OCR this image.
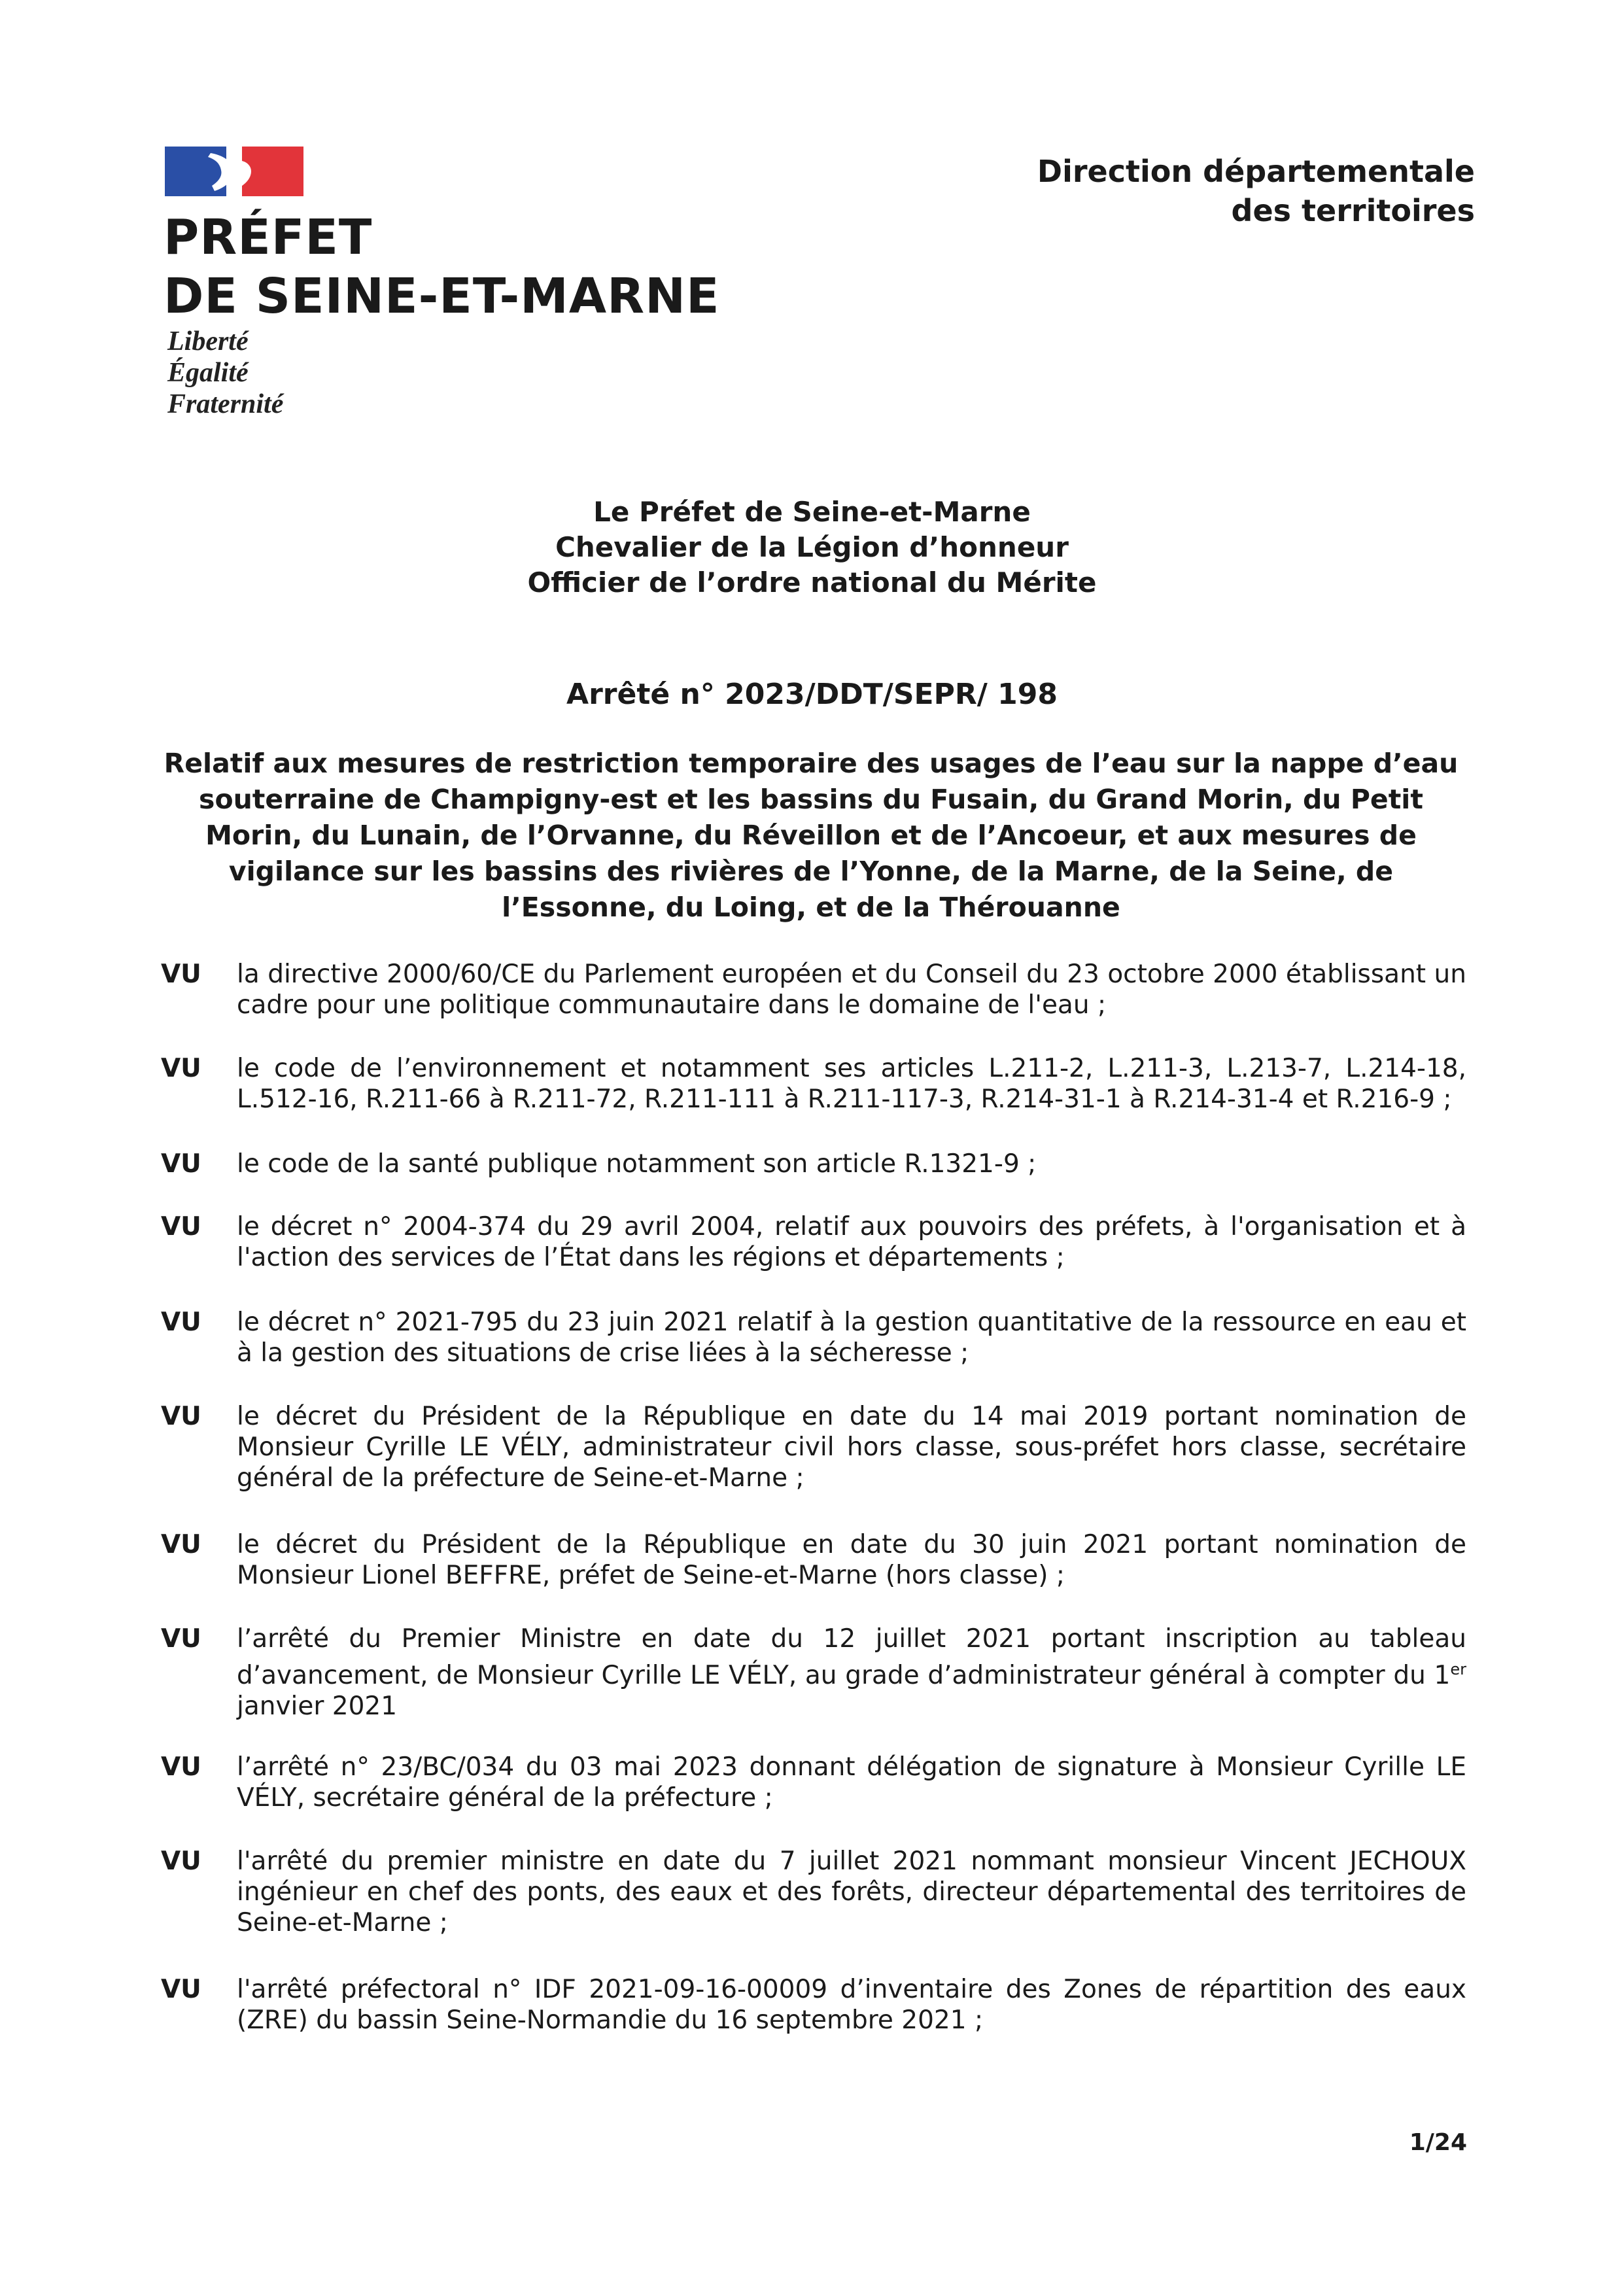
PRÉFET
DE SEINE-ET-MARNE
Liberté
Égalité
Fraternité
Direction départementale
des territoires
Le Préfet de Seine-et-Marne
Chevalier de la Légion d’honneur
Officier de l’ordre national du Mérite
Arrêté n° 2023/DDT/SEPR/ 198
Relatif aux mesures de restriction temporaire des usages de l’eau sur la nappe d’eau souterraine de Champigny-est et les bassins du Fusain, du Grand Morin, du Petit Morin, du Lunain, de l’Orvanne, du Réveillon et de l’Ancoeur, et aux mesures de vigilance sur les bassins des rivières de l’Yonne, de la Marne, de la Seine, de l’Essonne, du Loing, et de la Thérouanne
VU la directive 2000/60/CE du Parlement européen et du Conseil du 23 octobre 2000 établissant un cadre pour une politique communautaire dans le domaine de l'eau ;
VU le code de l’environnement et notamment ses articles L.211-2, L.211-3, L.213-7, L.214-18, L.512-16, R.211-66 à R.211-72, R.211-111 à R.211-117-3, R.214-31-1 à R.214-31-4 et R.216-9 ;
VU le code de la santé publique notamment son article R.1321-9 ;
VU le décret n° 2004-374 du 29 avril 2004, relatif aux pouvoirs des préfets, à l'organisation et à l'action des services de l’État dans les régions et départements ;
VU le décret n° 2021-795 du 23 juin 2021 relatif à la gestion quantitative de la ressource en eau et à la gestion des situations de crise liées à la sécheresse ;
VU le décret du Président de la République en date du 14 mai 2019 portant nomination de Monsieur Cyrille LE VÉLY, administrateur civil hors classe, sous-préfet hors classe, secrétaire général de la préfecture de Seine-et-Marne ;
VU le décret du Président de la République en date du 30 juin 2021 portant nomination de Monsieur Lionel BEFFRE, préfet de Seine-et-Marne (hors classe) ;
VU l’arrêté du Premier Ministre en date du 12 juillet 2021 portant inscription au tableau d’avancement, de Monsieur Cyrille LE VÉLY, au grade d’administrateur général à compter du 1er janvier 2021
VU l’arrêté n° 23/BC/034 du 03 mai 2023 donnant délégation de signature à Monsieur Cyrille LE VÉLY, secrétaire général de la préfecture ;
VU l'arrêté du premier ministre en date du 7 juillet 2021 nommant monsieur Vincent JECHOUX ingénieur en chef des ponts, des eaux et des forêts, directeur départemental des territoires de Seine-et-Marne ;
VU l'arrêté préfectoral n° IDF 2021-09-16-00009 d’inventaire des Zones de répartition des eaux (ZRE) du bassin Seine-Normandie du 16 septembre 2021 ;
1/24
